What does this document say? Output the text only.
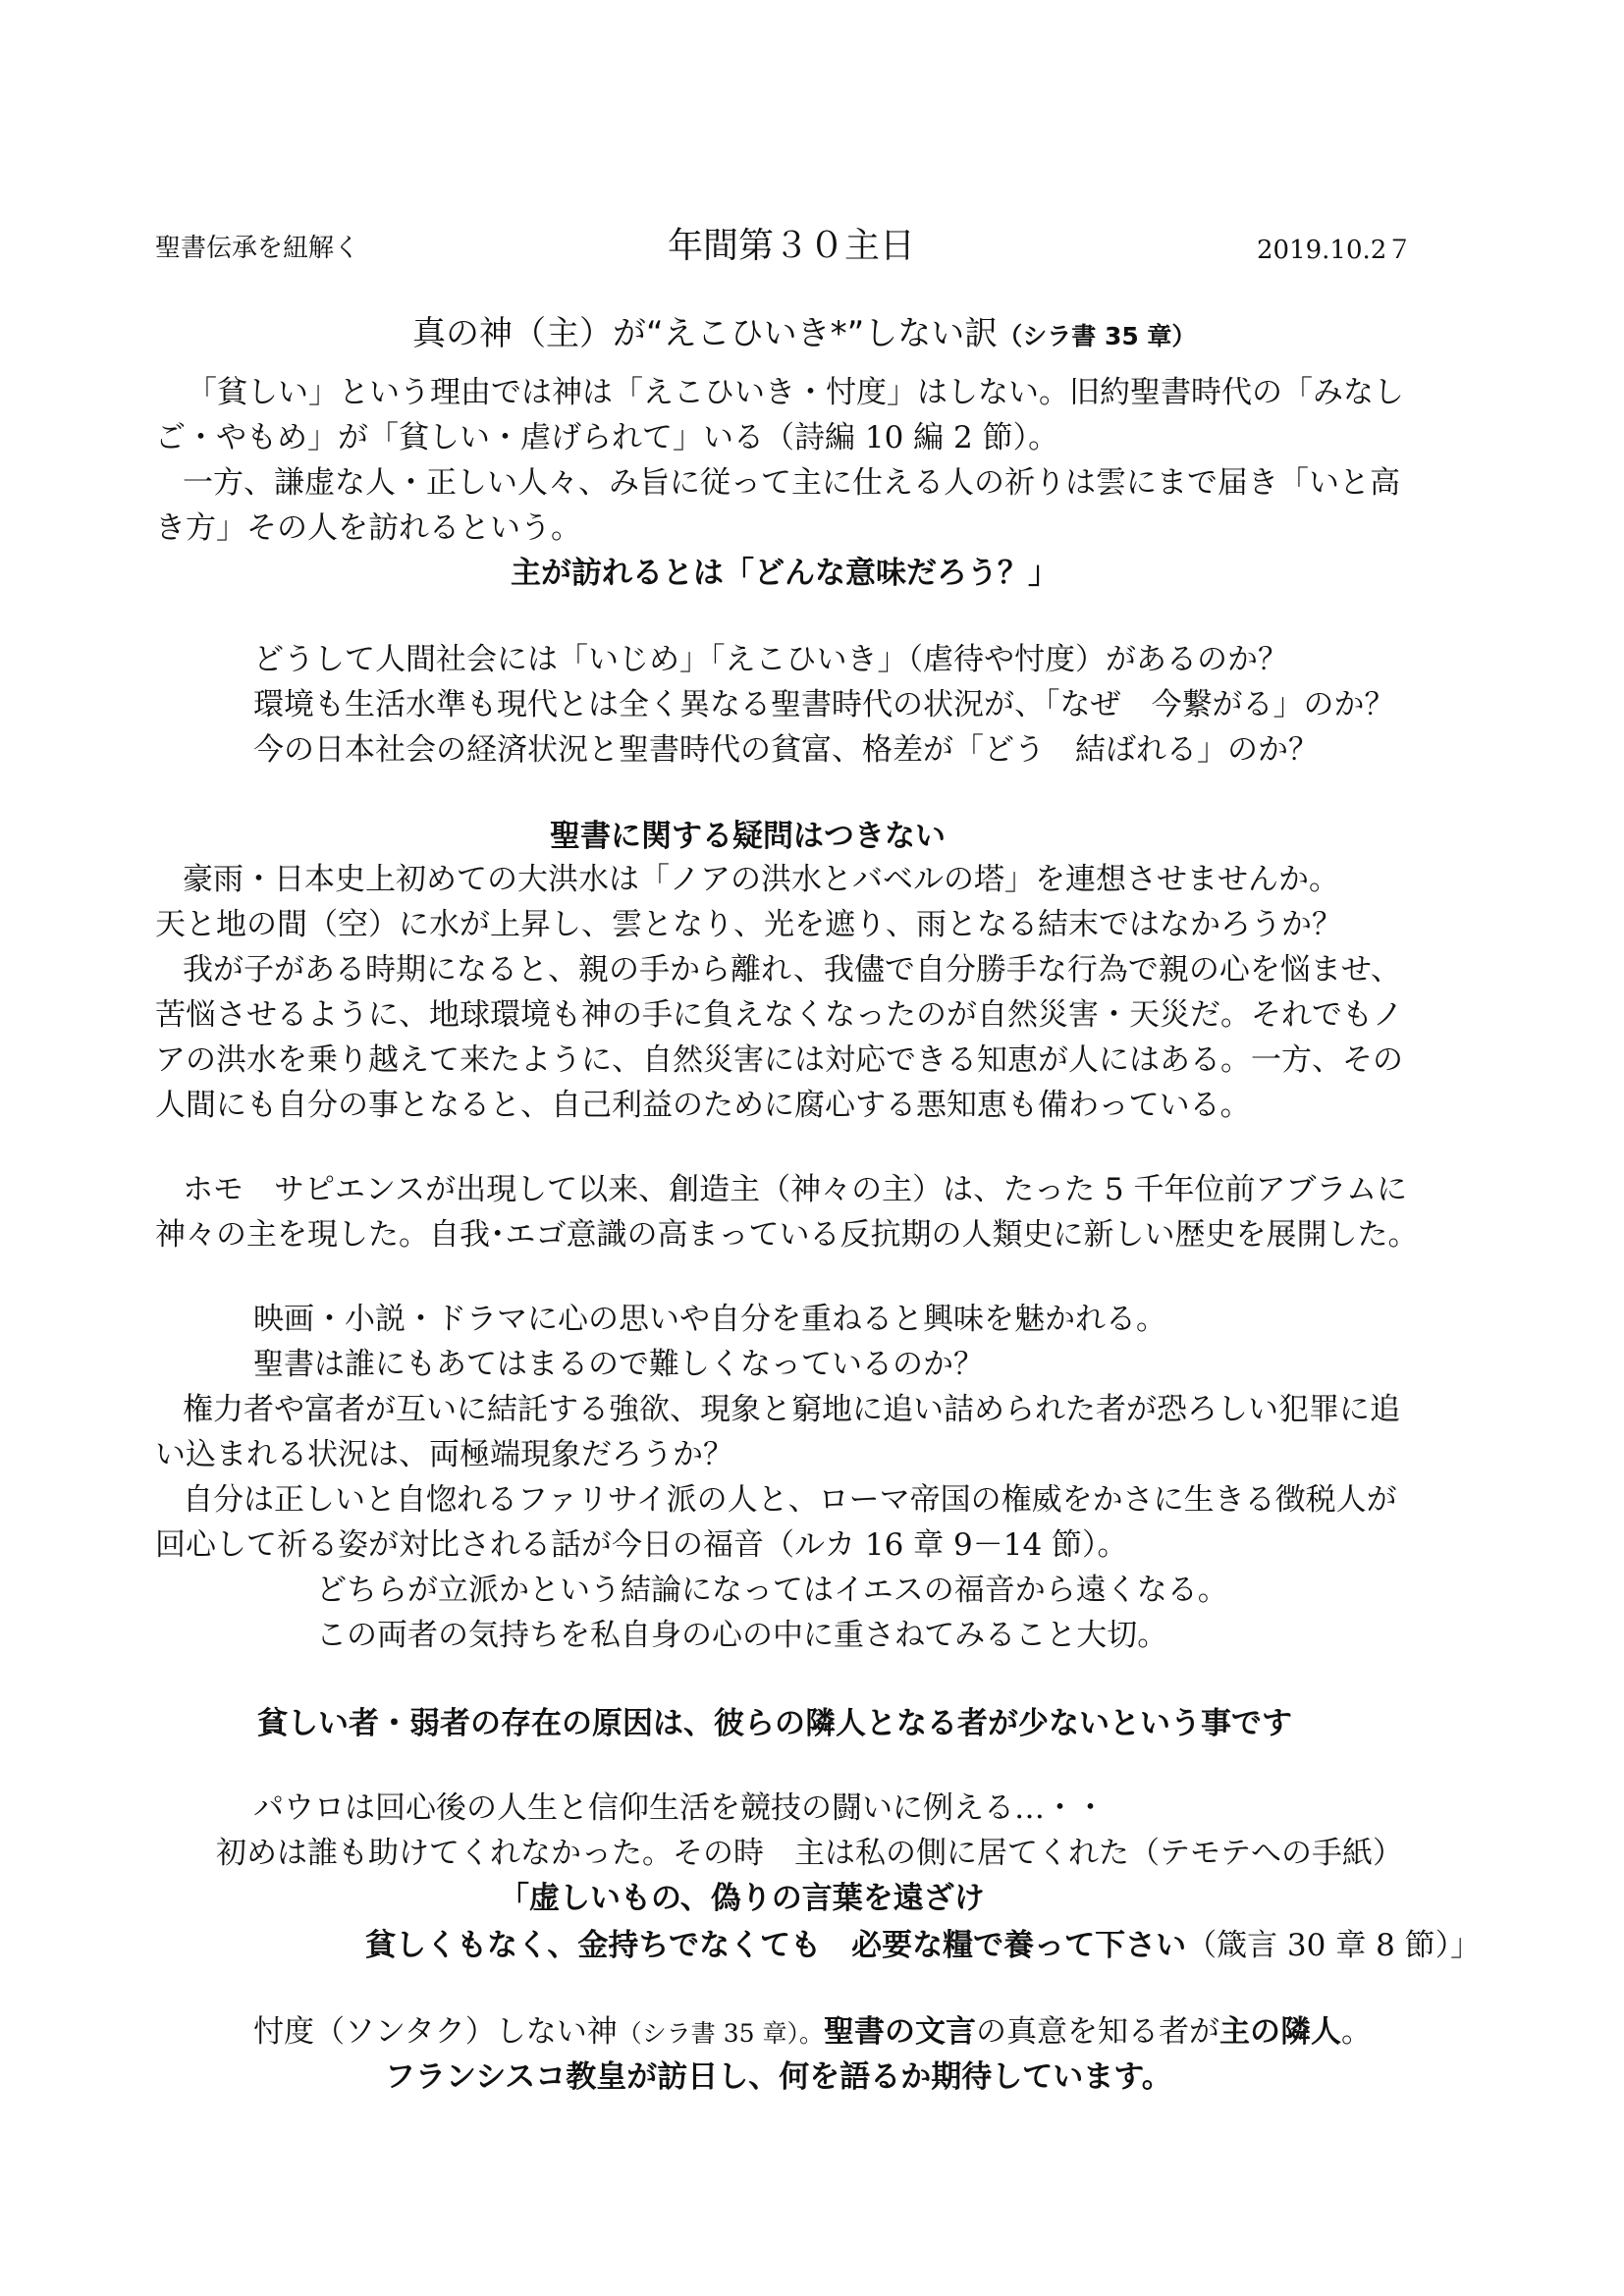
聖書伝承を紐解く	年間第３０主日	2019.10.2７
真の神（主）が“えこひいき*”しない訳（シラ書 35 章）
「貧しい」という理由では神は「えこひいき・忖度」はしない。旧約聖書時代の「みなし
ご・やもめ」が「貧しい・虐げられて」いる（詩編 10 編 2 節）。
一方、謙虚な人・正しい人々、み旨に従って主に仕える人の祈りは雲にまで届き「いと高
き方」その人を訪れるという。
主が訪れるとは「どんな意味だろう？」
どうして人間社会には「いじめ」「えこひいき」（虐待や忖度）があるのか？
環境も生活水準も現代とは全く異なる聖書時代の状況が、「なぜ　今繋がる」のか？
今の日本社会の経済状況と聖書時代の貧富、格差が「どう　結ばれる」のか？
聖書に関する疑問はつきない
豪雨・日本史上初めての大洪水は「ノアの洪水とバベルの塔」を連想させませんか。
天と地の間（空）に水が上昇し、雲となり、光を遮り、雨となる結末ではなかろうか？
我が子がある時期になると、親の手から離れ、我儘で自分勝手な行為で親の心を悩ませ、
苦悩させるように、地球環境も神の手に負えなくなったのが自然災害・天災だ。それでもノ
アの洪水を乗り越えて来たように、自然災害には対応できる知恵が人にはある。一方、その
人間にも自分の事となると、自己利益のために腐心する悪知恵も備わっている。
ホモ　サピエンスが出現して以来、創造主（神々の主）は、たった 5 千年位前アブラムに
神々の主を現した。自我･エゴ意識の高まっている反抗期の人類史に新しい歴史を展開した。
映画・小説・ドラマに心の思いや自分を重ねると興味を魅かれる。
聖書は誰にもあてはまるので難しくなっているのか？
権力者や富者が互いに結託する強欲、現象と窮地に追い詰められた者が恐ろしい犯罪に追
い込まれる状況は、両極端現象だろうか？
自分は正しいと自惚れるファリサイ派の人と、ローマ帝国の権威をかさに生きる徴税人が
回心して祈る姿が対比される話が今日の福音（ルカ 16 章 9－14 節）。
どちらが立派かという結論になってはイエスの福音から遠くなる。
この両者の気持ちを私自身の心の中に重さねてみること大切。
貧しい者・弱者の存在の原因は、彼らの隣人となる者が少ないという事です
パウロは回心後の人生と信仰生活を競技の闘いに例える…・・
初めは誰も助けてくれなかった。その時　主は私の側に居てくれた（テモテへの手紙）
「虚しいもの、偽りの言葉を遠ざけ
貧しくもなく、金持ちでなくても　必要な糧で養って下さい（箴言 30 章 8 節）」
忖度（ソンタク）しない神（シラ書 35 章）。聖書の文言の真意を知る者が主の隣人。
フランシスコ教皇が訪日し、何を語るか期待しています。
